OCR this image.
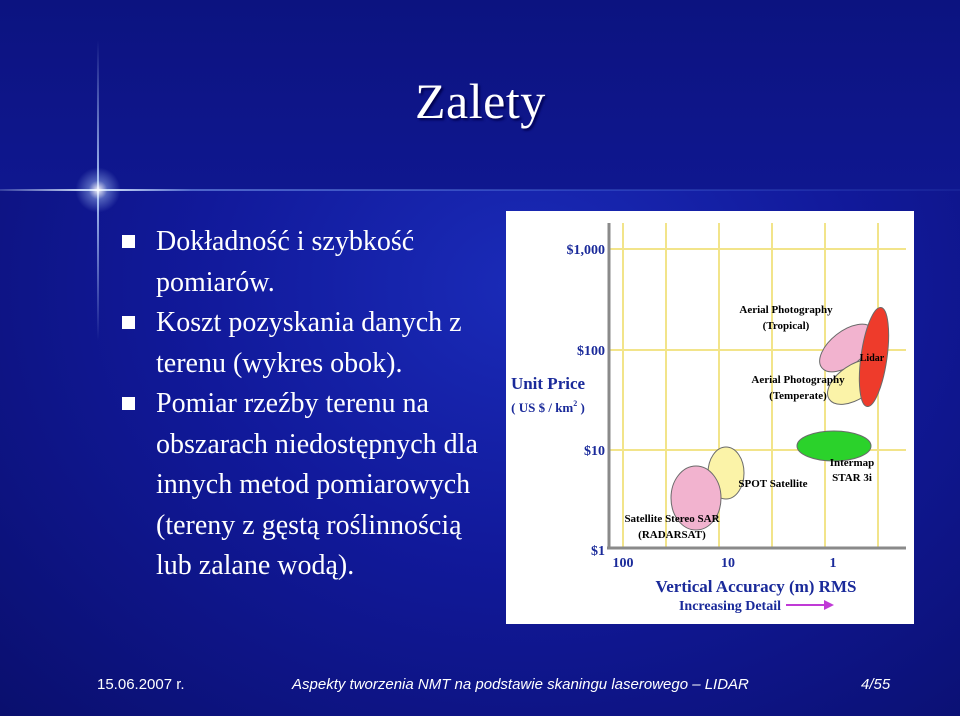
Zalety
Dokładność i szybkość pomiarów.
Koszt pozyskania danych z terenu (wykres obok).
Pomiar rzeźby terenu na obszarach niedostępnych dla innych metod pomiarowych (tereny z gęstą roślinnością lub zalane wodą).
$1,000
$100
$10
$1
Unit Price
( US $ / $km^2$ )
100	10	1
Vertical Accuracy (m) RMS
Increasing Detail
Aerial Photography
(Tropical)
Aerial Photography
(Temperate)
Lidar
Intermap
STAR 3i
SPOT Satellite
Satellite Stereo SAR
(RADARSAT)
15.06.2007 r.	Aspekty tworzenia NMT na podstawie skaningu laserowego – LIDAR	4/55
